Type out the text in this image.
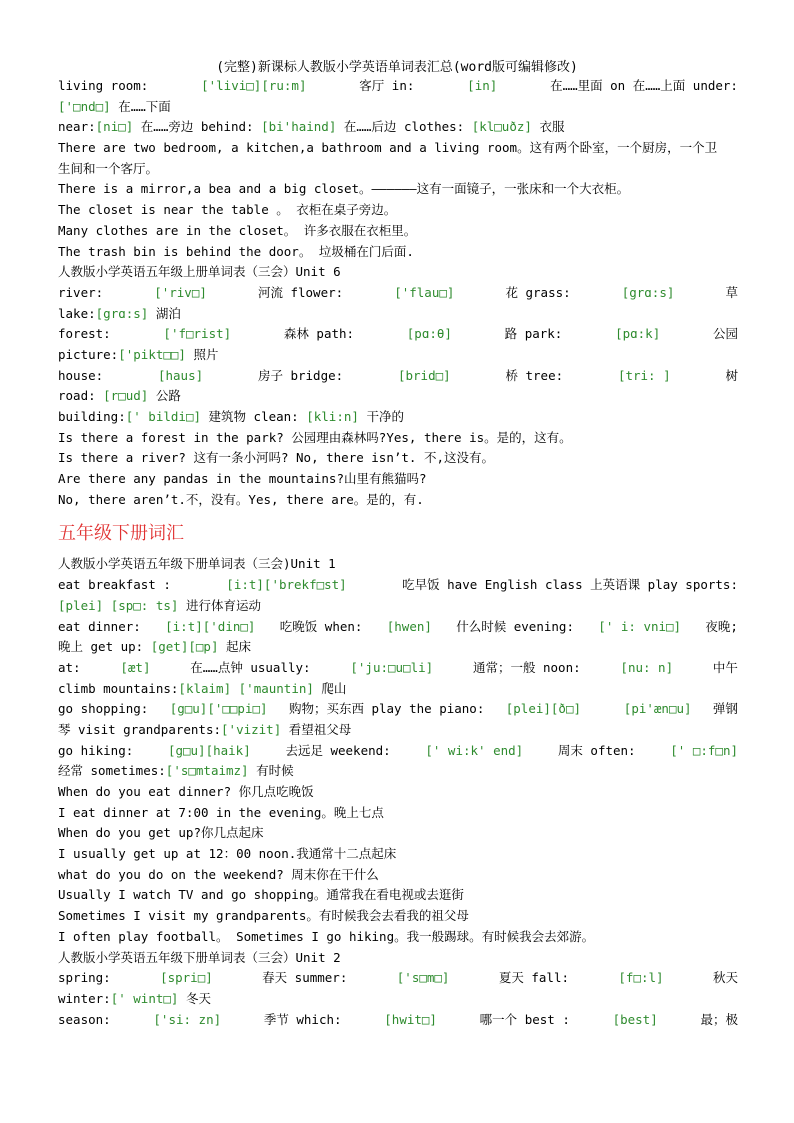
(完整)新课标人教版小学英语单词表汇总(word版可编辑修改)
living room:	['livi□][ru:m]	客厅 in:	[in]	在……里面 on 在……上面 under:
['□nd□] 在……下面
near:[ni□] 在……旁边 behind: [bi'haind] 在……后边 clothes: [kl□uðz] 衣服
There are two bedroom, a kitchen,a bathroom and a living room。这有两个卧室，一个厨房，一个卫
生间和一个客厅。
There is a mirror,a bea and a big closet。——————这有一面镜子，一张床和一个大衣柜。
The closet is near the table 。 衣柜在桌子旁边。
Many clothes are in the closet。 许多衣服在衣柜里。
The trash bin is behind the door。 垃圾桶在门后面.
人教版小学英语五年级上册单词表（三会）Unit 6
river:	['riv□]	河流 flower:	['flau□]	花 grass:	[grɑ:s]	草
lake:[grɑ:s] 湖泊
forest:	['f□rist]	森林 path:	[pɑ:θ]	路 park:	[pɑ:k]	公园
picture:['pikt□□] 照片
house:	[haus]	房子 bridge:	[brid□]	桥 tree:	[tri: ]	树
road: [r□ud] 公路
building:[' bildi□] 建筑物 clean: [kli:n] 干净的
Is there a forest in the park? 公园理由森林吗?Yes, there is。是的，这有。
Is there a river? 这有一条小河吗? No, there isn’t. 不,这没有。
Are there any pandas in the mountains?山里有熊猫吗?
No, there aren’t.不，没有。Yes, there are。是的，有.
五年级下册词汇
人教版小学英语五年级下册单词表（三会)Unit 1
eat breakfast :	[i:t]['brekf□st]	吃早饭 have English class 上英语课 play sports:
[plei] [sp□: ts] 进行体育运动
eat dinner: [i:t]['din□] 吃晚饭 when: [hwen] 什么时候 evening: [' i: vni□] 夜晚;
晚上 get up: [get][□p] 起床
at:	[æt]	在……点钟 usually:	['ju:□u□li]	通常；一般 noon:	[nu: n]	中午
climb mountains:[klaim] ['mauntin] 爬山
go shopping: [g□u]['□□pi□] 购物；买东西 play the piano: [plei][ð□]	[pi'æn□u] 弹钢
琴 visit grandparents:['vizit] 看望祖父母
go hiking:	[g□u][haik]	去远足 weekend:	[' wi:k' end]	周末 often:	[' □:f□n]
经常 sometimes:['s□mtaimz] 有时候
When do you eat dinner? 你几点吃晚饭
I eat dinner at 7:00 in the evening。晚上七点
When do you get up?你几点起床
I usually get up at 12：00 noon.我通常十二点起床
what do you do on the weekend? 周末你在干什么
Usually I watch TV and go shopping。通常我在看电视或去逛街
Sometimes I visit my grandparents。有时候我会去看我的祖父母
I often play football。 Sometimes I go hiking。我一般踢球。有时候我会去郊游。
人教版小学英语五年级下册单词表（三会）Unit 2
spring:	[spri□]	春天 summer:	['s□m□]	夏天 fall:	[f□:l]	秋天
winter:[' wint□] 冬天
season:	['si: zn]	季节 which:	[hwit□]	哪一个 best :	[best]	最；极
